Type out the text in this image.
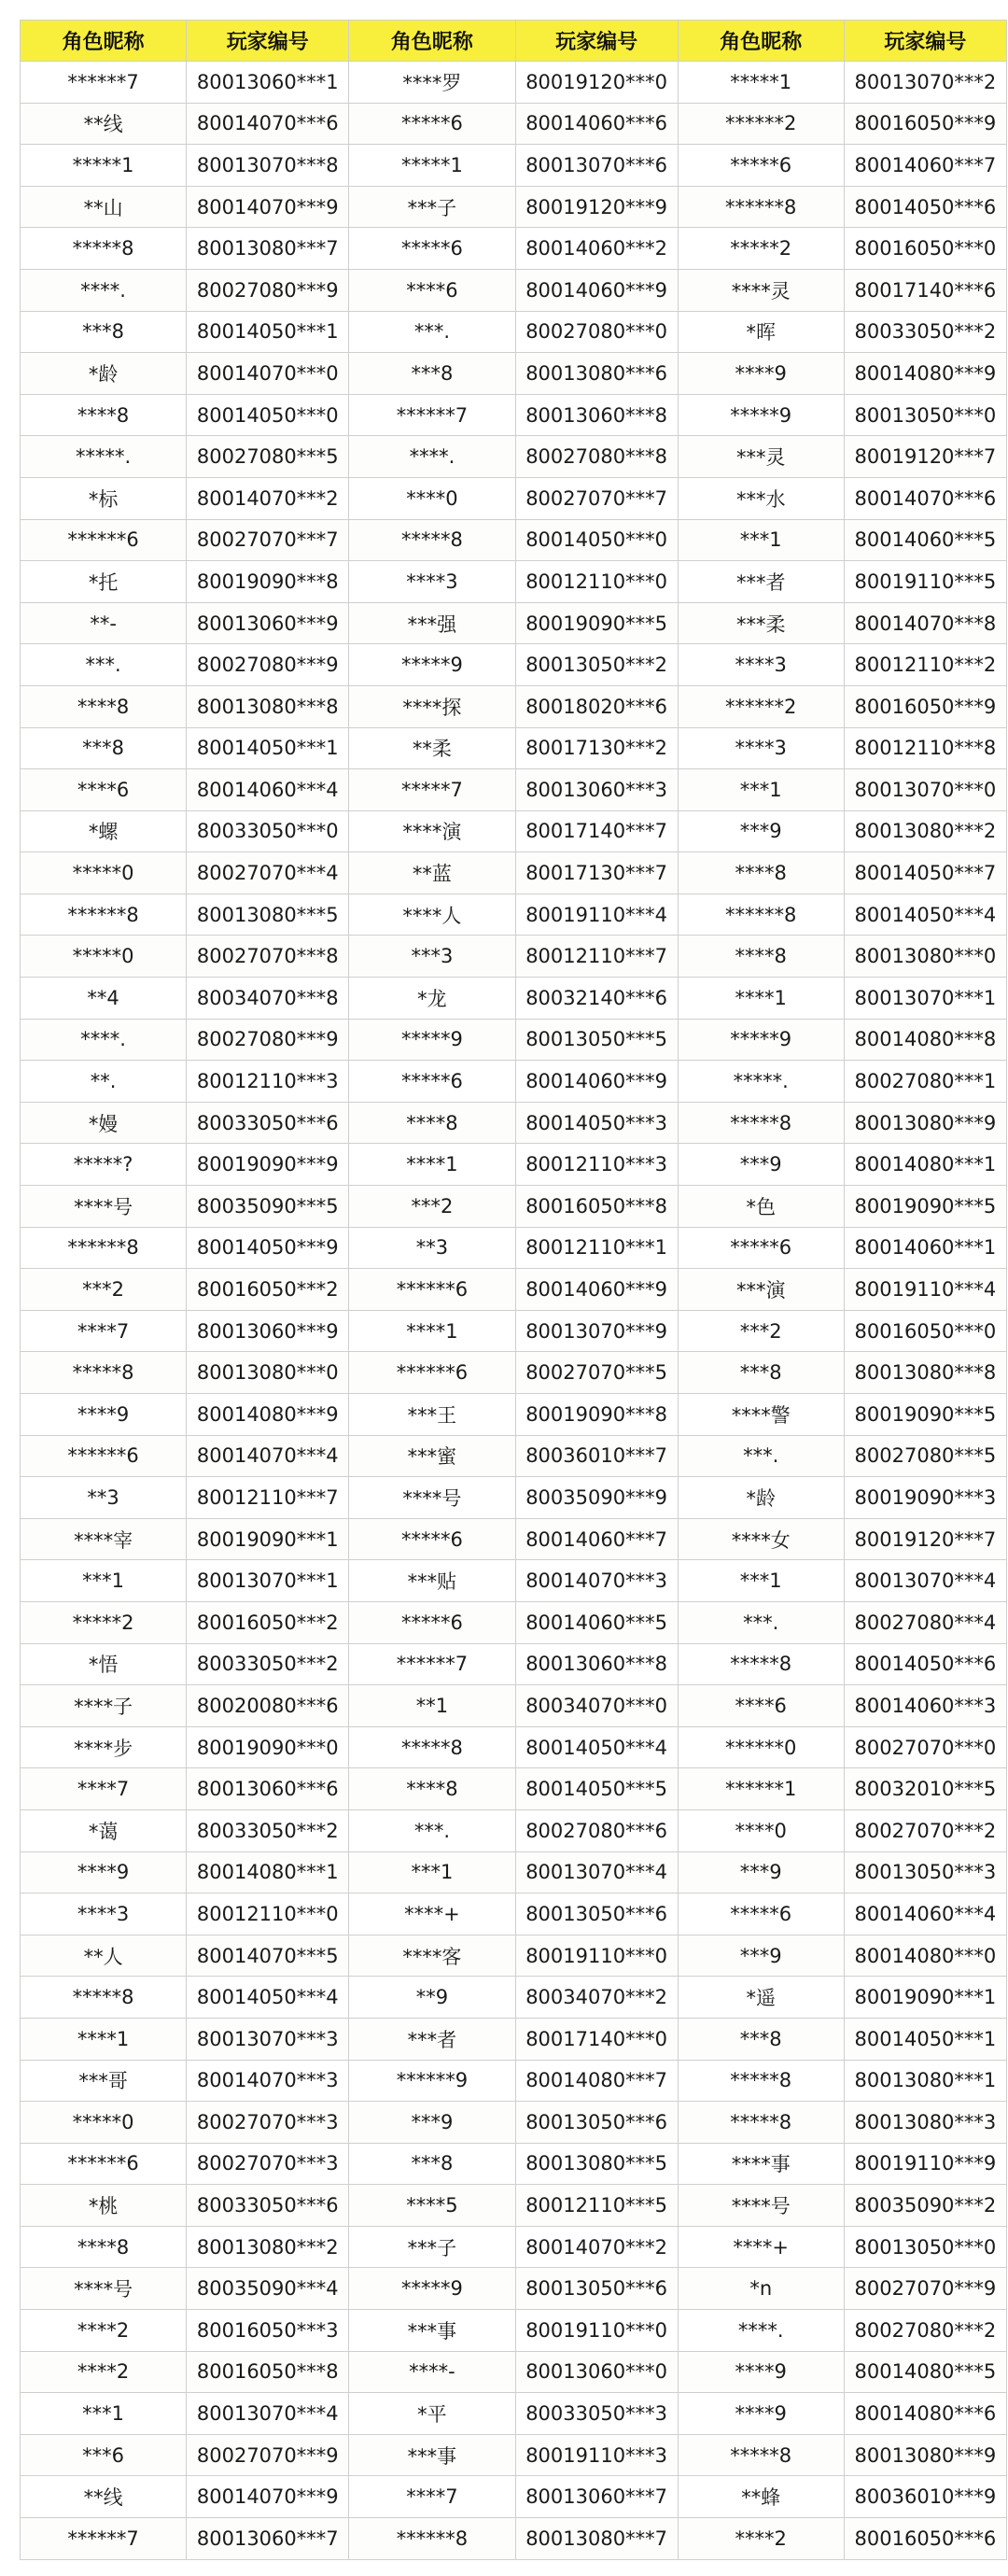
角色昵称	玩家编号	角色昵称	玩家编号	角色昵称	玩家编号
******7	80013060***1	****罗	80019120***0	*****1	80013070***2
**线	80014070***6	*****6	80014060***6	******2	80016050***9
*****1	80013070***8	*****1	80013070***6	*****6	80014060***7
**山	80014070***9	***子	80019120***9	******8	80014050***6
*****8	80013080***7	*****6	80014060***2	*****2	80016050***0
****.	80027080***9	****6	80014060***9	****灵	80017140***6
***8	80014050***1	***.	80027080***0	*晖	80033050***2
*龄	80014070***0	***8	80013080***6	****9	80014080***9
****8	80014050***0	******7	80013060***8	*****9	80013050***0
*****.	80027080***5	****.	80027080***8	***灵	80019120***7
*标	80014070***2	****0	80027070***7	***水	80014070***6
******6	80027070***7	*****8	80014050***0	***1	80014060***5
*托	80019090***8	****3	80012110***0	***者	80019110***5
**-	80013060***9	***强	80019090***5	***柔	80014070***8
***.	80027080***9	*****9	80013050***2	****3	80012110***2
****8	80013080***8	****探	80018020***6	******2	80016050***9
***8	80014050***1	**柔	80017130***2	****3	80012110***8
****6	80014060***4	*****7	80013060***3	***1	80013070***0
*螺	80033050***0	****演	80017140***7	***9	80013080***2
*****0	80027070***4	**蓝	80017130***7	****8	80014050***7
******8	80013080***5	****人	80019110***4	******8	80014050***4
*****0	80027070***8	***3	80012110***7	****8	80013080***0
**4	80034070***8	*龙	80032140***6	****1	80013070***1
****.	80027080***9	*****9	80013050***5	*****9	80014080***8
**.	80012110***3	*****6	80014060***9	*****.	80027080***1
*嫚	80033050***6	****8	80014050***3	*****8	80013080***9
*****?	80019090***9	****1	80012110***3	***9	80014080***1
****号	80035090***5	***2	80016050***8	*色	80019090***5
******8	80014050***9	**3	80012110***1	*****6	80014060***1
***2	80016050***2	******6	80014060***9	***演	80019110***4
****7	80013060***9	****1	80013070***9	***2	80016050***0
*****8	80013080***0	******6	80027070***5	***8	80013080***8
****9	80014080***9	***王	80019090***8	****警	80019090***5
******6	80014070***4	***蜜	80036010***7	***.	80027080***5
**3	80012110***7	****号	80035090***9	*龄	80019090***3
****宰	80019090***1	*****6	80014060***7	****女	80019120***7
***1	80013070***1	***贴	80014070***3	***1	80013070***4
*****2	80016050***2	*****6	80014060***5	***.	80027080***4
*悟	80033050***2	******7	80013060***8	*****8	80014050***6
****子	80020080***6	**1	80034070***0	****6	80014060***3
****步	80019090***0	*****8	80014050***4	******0	80027070***0
****7	80013060***6	****8	80014050***5	******1	80032010***5
*蔼	80033050***2	***.	80027080***6	****0	80027070***2
****9	80014080***1	***1	80013070***4	***9	80013050***3
****3	80012110***0	****+	80013050***6	*****6	80014060***4
**人	80014070***5	****客	80019110***0	***9	80014080***0
*****8	80014050***4	**9	80034070***2	*遥	80019090***1
****1	80013070***3	***者	80017140***0	***8	80014050***1
***哥	80014070***3	******9	80014080***7	*****8	80013080***1
*****0	80027070***3	***9	80013050***6	*****8	80013080***3
******6	80027070***3	***8	80013080***5	****事	80019110***9
*桃	80033050***6	****5	80012110***5	****号	80035090***2
****8	80013080***2	***子	80014070***2	****+	80013050***0
****号	80035090***4	*****9	80013050***6	*n	80027070***9
****2	80016050***3	***事	80019110***0	****.	80027080***2
****2	80016050***8	****-	80013060***0	****9	80014080***5
***1	80013070***4	*平	80033050***3	****9	80014080***6
***6	80027070***9	***事	80019110***3	*****8	80013080***9
**线	80014070***9	****7	80013060***7	**蜂	80036010***9
******7	80013060***7	******8	80013080***7	****2	80016050***6
